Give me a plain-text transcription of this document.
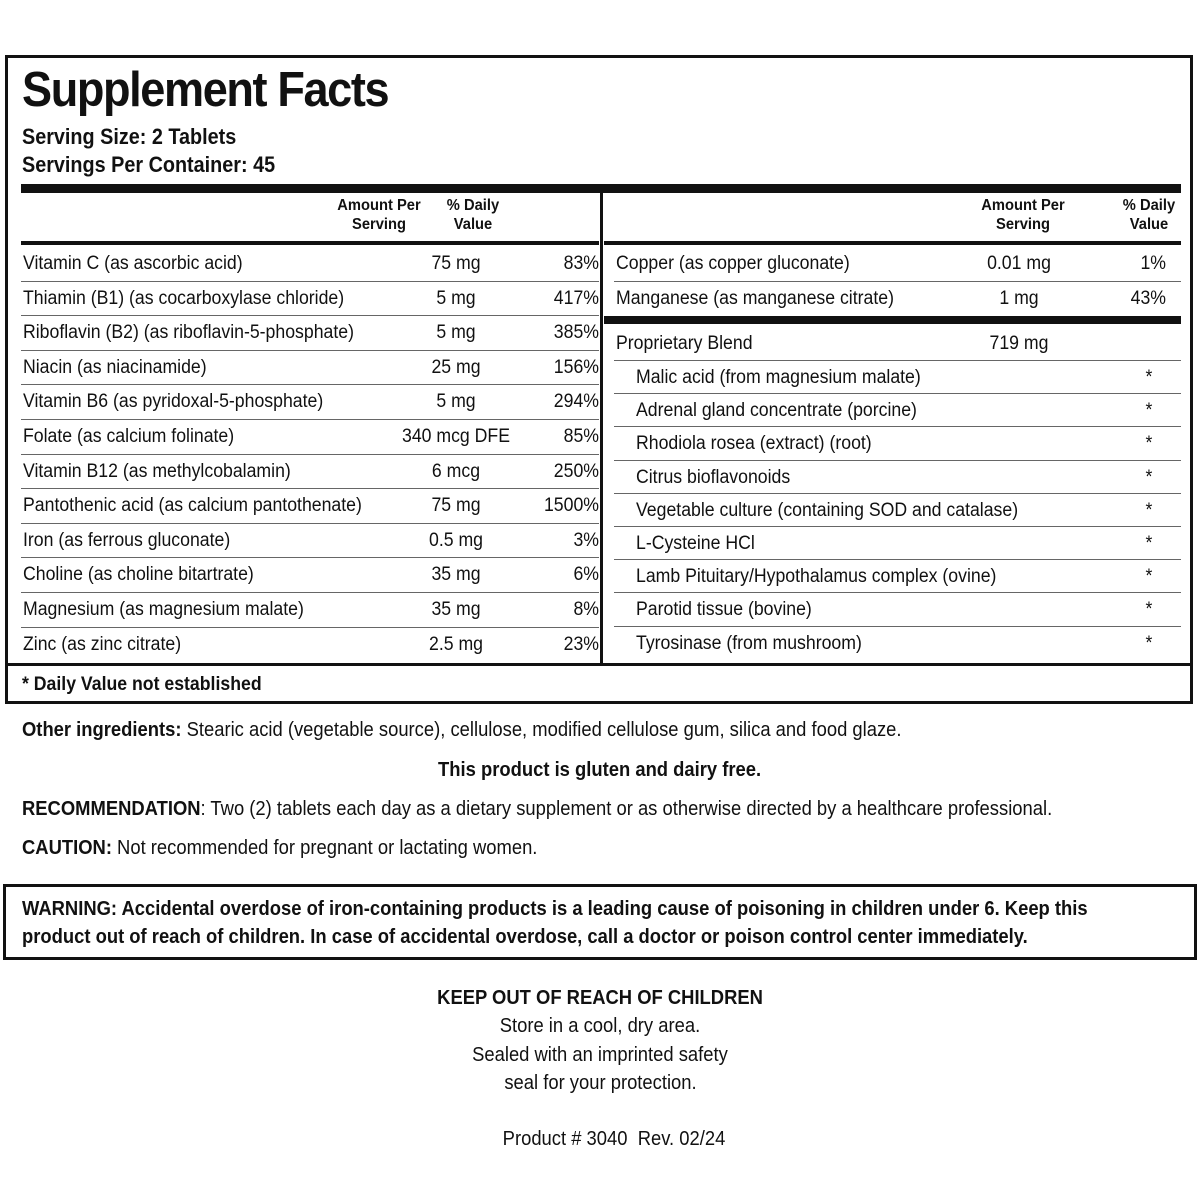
Supplement Facts
Serving Size: 2 Tablets
Servings Per Container: 45
Amount Per
Serving
% Daily
Value
Amount Per
Serving
% Daily
Value
Vitamin C (as ascorbic acid)	75 mg	83%
Thiamin (B1) (as cocarboxylase chloride)	5 mg	417%
Riboflavin (B2) (as riboflavin-5-phosphate)	5 mg	385%
Niacin (as niacinamide)	25 mg	156%
Vitamin B6 (as pyridoxal-5-phosphate)	5 mg	294%
Folate (as calcium folinate)	340 mcg DFE	85%
Vitamin B12 (as methylcobalamin)	6 mcg	250%
Pantothenic acid (as calcium pantothenate)	75 mg	1500%
Iron (as ferrous gluconate)	0.5 mg	3%
Choline (as choline bitartrate)	35 mg	6%
Magnesium (as magnesium malate)	35 mg	8%
Zinc (as zinc citrate)	2.5 mg	23%
Copper (as copper gluconate)	0.01 mg	1%
Manganese (as manganese citrate)	1 mg	43%
Proprietary Blend	719 mg
Malic acid (from magnesium malate)	*
Adrenal gland concentrate (porcine)	*
Rhodiola rosea (extract) (root)	*
Citrus bioflavonoids	*
Vegetable culture (containing SOD and catalase)	*
L-Cysteine HCl	*
Lamb Pituitary/Hypothalamus complex (ovine)	*
Parotid tissue (bovine)	*
Tyrosinase (from mushroom)	*
* Daily Value not established
Other ingredients: Stearic acid (vegetable source), cellulose, modified cellulose gum, silica and food glaze.
This product is gluten and dairy free.
RECOMMENDATION: Two (2) tablets each day as a dietary supplement or as otherwise directed by a healthcare professional.
CAUTION: Not recommended for pregnant or lactating women.
WARNING: Accidental overdose of iron-containing products is a leading cause of poisoning in children under 6. Keep this
product out of reach of children. In case of accidental overdose, call a doctor or poison control center immediately.
KEEP OUT OF REACH OF CHILDREN
Store in a cool, dry area.
Sealed with an imprinted safety
seal for your protection.
Product # 3040  Rev. 02/24
